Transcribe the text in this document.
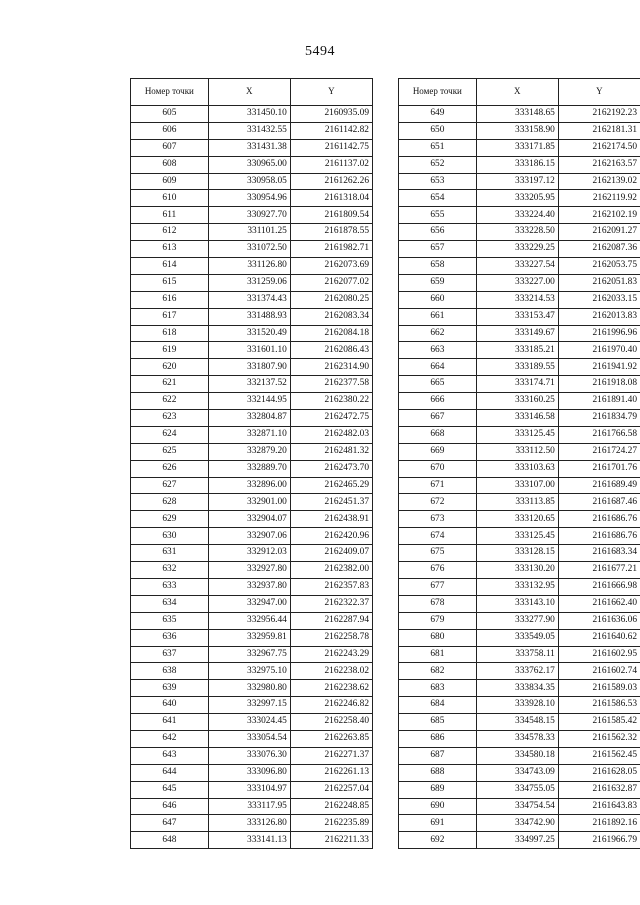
5494
Номер точки	X	Y
605	331450.10	2160935.09
606	331432.55	2161142.82
607	331431.38	2161142.75
608	330965.00	2161137.02
609	330958.05	2161262.26
610	330954.96	2161318.04
611	330927.70	2161809.54
612	331101.25	2161878.55
613	331072.50	2161982.71
614	331126.80	2162073.69
615	331259.06	2162077.02
616	331374.43	2162080.25
617	331488.93	2162083.34
618	331520.49	2162084.18
619	331601.10	2162086.43
620	331807.90	2162314.90
621	332137.52	2162377.58
622	332144.95	2162380.22
623	332804.87	2162472.75
624	332871.10	2162482.03
625	332879.20	2162481.32
626	332889.70	2162473.70
627	332896.00	2162465.29
628	332901.00	2162451.37
629	332904.07	2162438.91
630	332907.06	2162420.96
631	332912.03	2162409.07
632	332927.80	2162382.00
633	332937.80	2162357.83
634	332947.00	2162322.37
635	332956.44	2162287.94
636	332959.81	2162258.78
637	332967.75	2162243.29
638	332975.10	2162238.02
639	332980.80	2162238.62
640	332997.15	2162246.82
641	333024.45	2162258.40
642	333054.54	2162263.85
643	333076.30	2162271.37
644	333096.80	2162261.13
645	333104.97	2162257.04
646	333117.95	2162248.85
647	333126.80	2162235.89
648	333141.13	2162211.33
Номер точки	X	Y
649	333148.65	2162192.23
650	333158.90	2162181.31
651	333171.85	2162174.50
652	333186.15	2162163.57
653	333197.12	2162139.02
654	333205.95	2162119.92
655	333224.40	2162102.19
656	333228.50	2162091.27
657	333229.25	2162087.36
658	333227.54	2162053.75
659	333227.00	2162051.83
660	333214.53	2162033.15
661	333153.47	2162013.83
662	333149.67	2161996.96
663	333185.21	2161970.40
664	333189.55	2161941.92
665	333174.71	2161918.08
666	333160.25	2161891.40
667	333146.58	2161834.79
668	333125.45	2161766.58
669	333112.50	2161724.27
670	333103.63	2161701.76
671	333107.00	2161689.49
672	333113.85	2161687.46
673	333120.65	2161686.76
674	333125.45	2161686.76
675	333128.15	2161683.34
676	333130.20	2161677.21
677	333132.95	2161666.98
678	333143.10	2161662.40
679	333277.90	2161636.06
680	333549.05	2161640.62
681	333758.11	2161602.95
682	333762.17	2161602.74
683	333834.35	2161589.03
684	333928.10	2161586.53
685	334548.15	2161585.42
686	334578.33	2161562.32
687	334580.18	2161562.45
688	334743.09	2161628.05
689	334755.05	2161632.87
690	334754.54	2161643.83
691	334742.90	2161892.16
692	334997.25	2161966.79
